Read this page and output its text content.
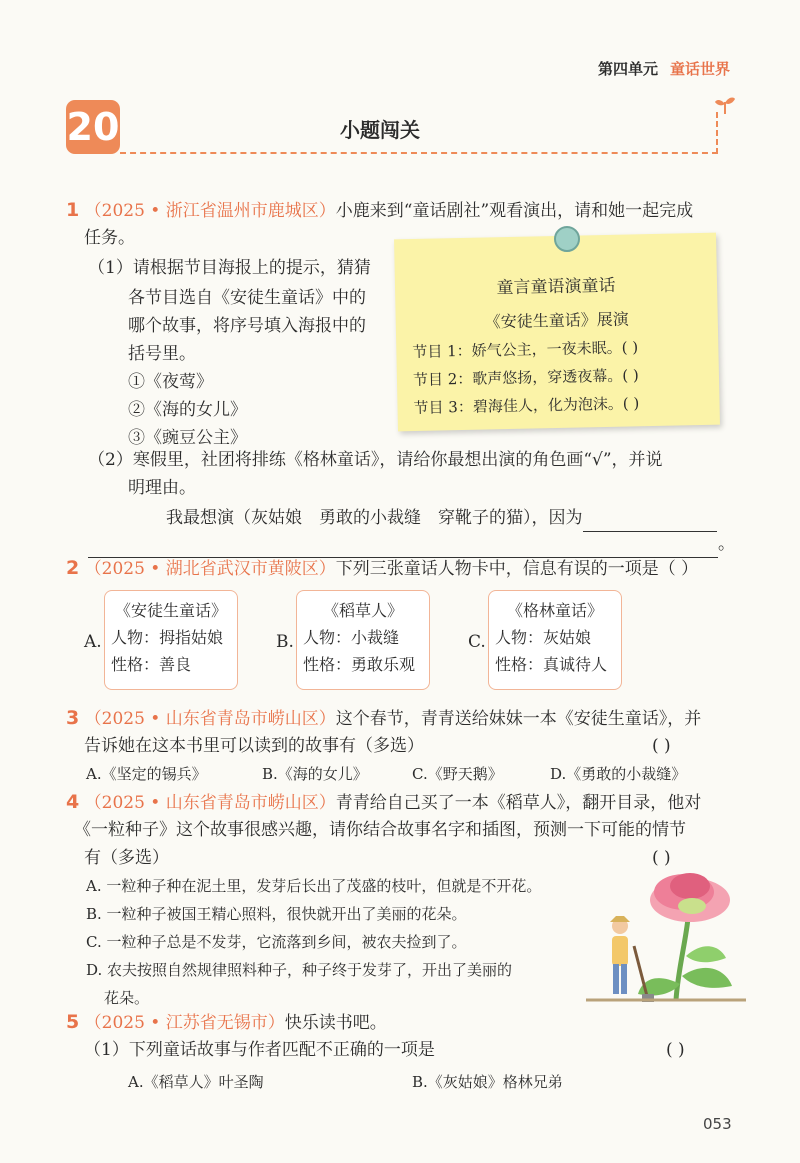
第四单元 童话世界
20	小题闯关
1 （2025 • 浙江省温州市鹿城区）小鹿来到“童话剧社”观看演出，请和她一起完成
任务。
（1）请根据节目海报上的提示，猜猜
各节目选自《安徒生童话》中的
哪个故事，将序号填入海报中的
括号里。
①《夜莺》
②《海的女儿》
③《豌豆公主》
童言童语演童话
《安徒生童话》展演
节目 1：娇气公主，一夜未眠。( )
节目 2：歌声悠扬，穿透夜幕。( )
节目 3：碧海佳人，化为泡沫。( )
（2）寒假里，社团将排练《格林童话》，请给你最想出演的角色画“√”，并说
明理由。
我最想演（灰姑娘　勇敢的小裁缝　穿靴子的猫），因为
。
2 （2025 • 湖北省武汉市黄陂区）下列三张童话人物卡中，信息有误的一项是（ ）
A.
《安徒生童话》
人物：拇指姑娘
性格：善良
B.
《稻草人》
人物：小裁缝
性格：勇敢乐观
C.
《格林童话》
人物：灰姑娘
性格：真诚待人
3 （2025 • 山东省青岛市崂山区）这个春节，青青送给妹妹一本《安徒生童话》，并
告诉她在这本书里可以读到的故事有（多选）	( )
A.《坚定的锡兵》	B.《海的女儿》	C.《野天鹅》	D.《勇敢的小裁缝》
4 （2025 • 山东省青岛市崂山区）青青给自己买了一本《稻草人》，翻开目录，他对
《一粒种子》这个故事很感兴趣，请你结合故事名字和插图，预测一下可能的情节
有（多选）	( )
A. 一粒种子种在泥土里，发芽后长出了茂盛的枝叶，但就是不开花。
B. 一粒种子被国王精心照料，很快就开出了美丽的花朵。
C. 一粒种子总是不发芽，它流落到乡间，被农夫捡到了。
D. 农夫按照自然规律照料种子，种子终于发芽了，开出了美丽的
花朵。
5 （2025 • 江苏省无锡市）快乐读书吧。
（1）下列童话故事与作者匹配不正确的一项是	( )
A.《稻草人》叶圣陶	B.《灰姑娘》格林兄弟
053
